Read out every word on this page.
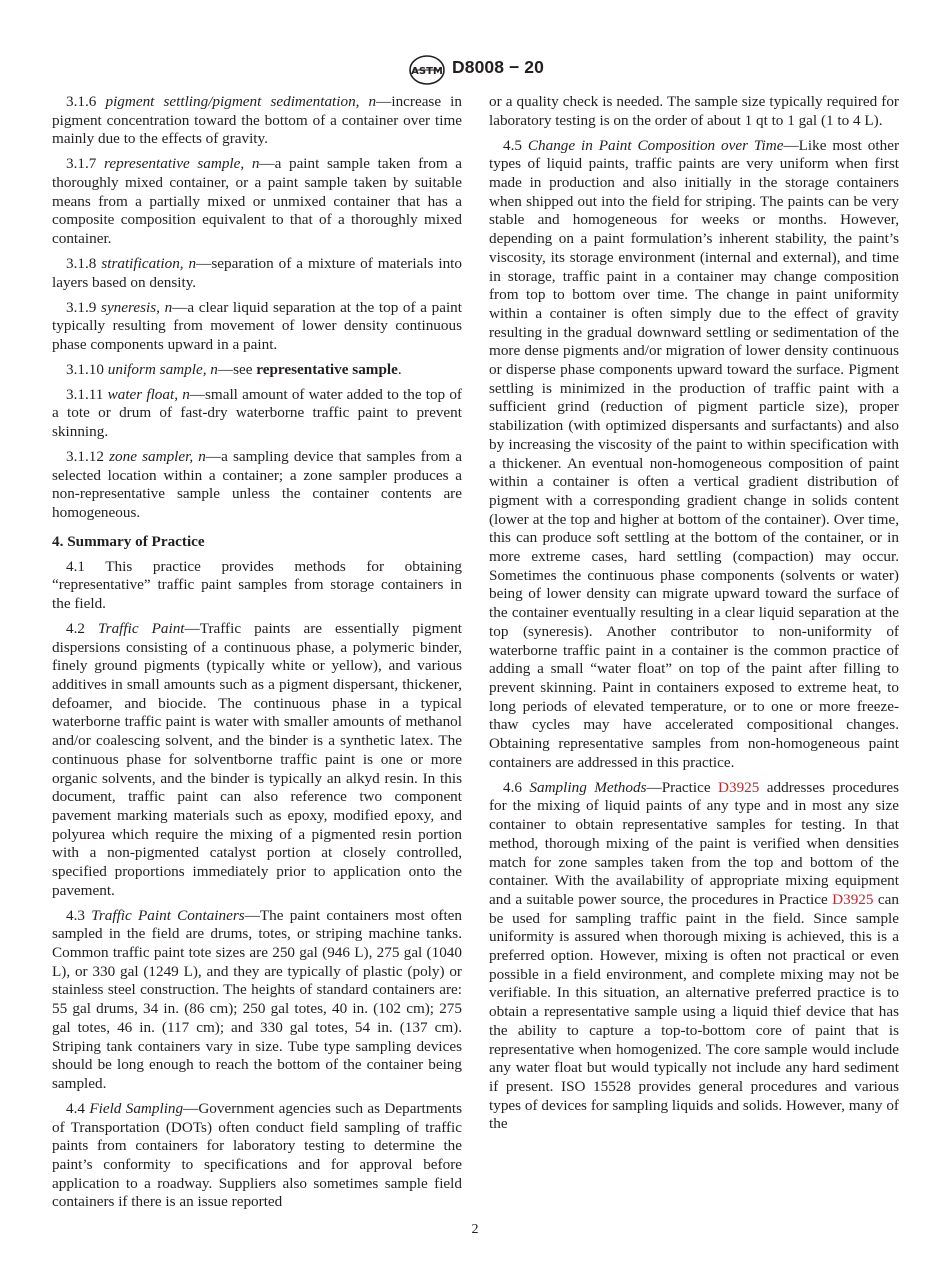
ASTM D8008 − 20

3.1.6 pigment settling/pigment sedimentation, n—increase in pigment concentration toward the bottom of a container over time mainly due to the effects of gravity.

3.1.7 representative sample, n—a paint sample taken from a thoroughly mixed container, or a paint sample taken by suitable means from a partially mixed or unmixed container that has a composite composition equivalent to that of a thoroughly mixed container.

3.1.8 stratification, n—separation of a mixture of materials into layers based on density.

3.1.9 syneresis, n—a clear liquid separation at the top of a paint typically resulting from movement of lower density continuous phase components upward in a paint.

3.1.10 uniform sample, n—see representative sample.

3.1.11 water float, n—small amount of water added to the top of a tote or drum of fast-dry waterborne traffic paint to prevent skinning.

3.1.12 zone sampler, n—a sampling device that samples from a selected location within a container; a zone sampler produces a non-representative sample unless the container contents are homogeneous.

4. Summary of Practice

4.1 This practice provides methods for obtaining “representative” traffic paint samples from storage containers in the field.

4.2 Traffic Paint—Traffic paints are essentially pigment dispersions consisting of a continuous phase, a polymeric binder, finely ground pigments (typically white or yellow), and various additives in small amounts such as a pigment dispersant, thickener, defoamer, and biocide. The continuous phase in a typical waterborne traffic paint is water with smaller amounts of methanol and/or coalescing solvent, and the binder is a synthetic latex. The continuous phase for solventborne traffic paint is one or more organic solvents, and the binder is typically an alkyd resin. In this document, traffic paint can also reference two component pavement marking materials such as epoxy, modified epoxy, and polyurea which require the mixing of a pigmented resin portion with a non-pigmented catalyst portion at closely controlled, specified proportions immediately prior to application onto the pavement.

4.3 Traffic Paint Containers—The paint containers most often sampled in the field are drums, totes, or striping machine tanks. Common traffic paint tote sizes are 250 gal (946 L), 275 gal (1040 L), or 330 gal (1249 L), and they are typically of plastic (poly) or stainless steel construction. The heights of standard containers are: 55 gal drums, 34 in. (86 cm); 250 gal totes, 40 in. (102 cm); 275 gal totes, 46 in. (117 cm); and 330 gal totes, 54 in. (137 cm). Striping tank containers vary in size. Tube type sampling devices should be long enough to reach the bottom of the container being sampled.

4.4 Field Sampling—Government agencies such as Departments of Transportation (DOTs) often conduct field sampling of traffic paints from containers for laboratory testing to determine the paint’s conformity to specifications and for approval before application to a roadway. Suppliers also sometimes sample field containers if there is an issue reported

or a quality check is needed. The sample size typically required for laboratory testing is on the order of about 1 qt to 1 gal (1 to 4 L).

4.5 Change in Paint Composition over Time—Like most other types of liquid paints, traffic paints are very uniform when first made in production and also initially in the storage containers when shipped out into the field for striping. The paints can be very stable and homogeneous for weeks or months. However, depending on a paint formulation’s inherent stability, the paint’s viscosity, its storage environment (internal and external), and time in storage, traffic paint in a container may change composition from top to bottom over time. The change in paint uniformity within a container is often simply due to the effect of gravity resulting in the gradual downward settling or sedimentation of the more dense pigments and/or migration of lower density continuous or disperse phase components upward toward the surface. Pigment settling is minimized in the production of traffic paint with a sufficient grind (reduction of pigment particle size), proper stabilization (with optimized dispersants and surfactants) and also by increasing the viscosity of the paint to within specification with a thickener. An eventual non-homogeneous composition of paint within a container is often a vertical gradient distribution of pigment with a corresponding gradient change in solids content (lower at the top and higher at bottom of the container). Over time, this can produce soft settling at the bottom of the container, or in more extreme cases, hard settling (compaction) may occur. Sometimes the continuous phase components (solvents or water) being of lower density can migrate upward toward the surface of the container eventually resulting in a clear liquid separation at the top (syneresis). Another contributor to non-uniformity of waterborne traffic paint in a container is the common practice of adding a small “water float” on top of the paint after filling to prevent skinning. Paint in containers exposed to extreme heat, to long periods of elevated temperature, or to one or more freeze-thaw cycles may have accelerated compositional changes. Obtaining representative samples from non-homogeneous paint containers are addressed in this practice.

4.6 Sampling Methods—Practice D3925 addresses procedures for the mixing of liquid paints of any type and in most any size container to obtain representative samples for testing. In that method, thorough mixing of the paint is verified when densities match for zone samples taken from the top and bottom of the container. With the availability of appropriate mixing equipment and a suitable power source, the procedures in Practice D3925 can be used for sampling traffic paint in the field. Since sample uniformity is assured when thorough mixing is achieved, this is a preferred option. However, mixing is often not practical or even possible in a field environment, and complete mixing may not be verifiable. In this situation, an alternative preferred practice is to obtain a representative sample using a liquid thief device that has the ability to capture a top-to-bottom core of paint that is representative when homogenized. The core sample would include any water float but would typically not include any hard sediment if present. ISO 15528 provides general procedures and various types of devices for sampling liquids and solids. However, many of the

2
